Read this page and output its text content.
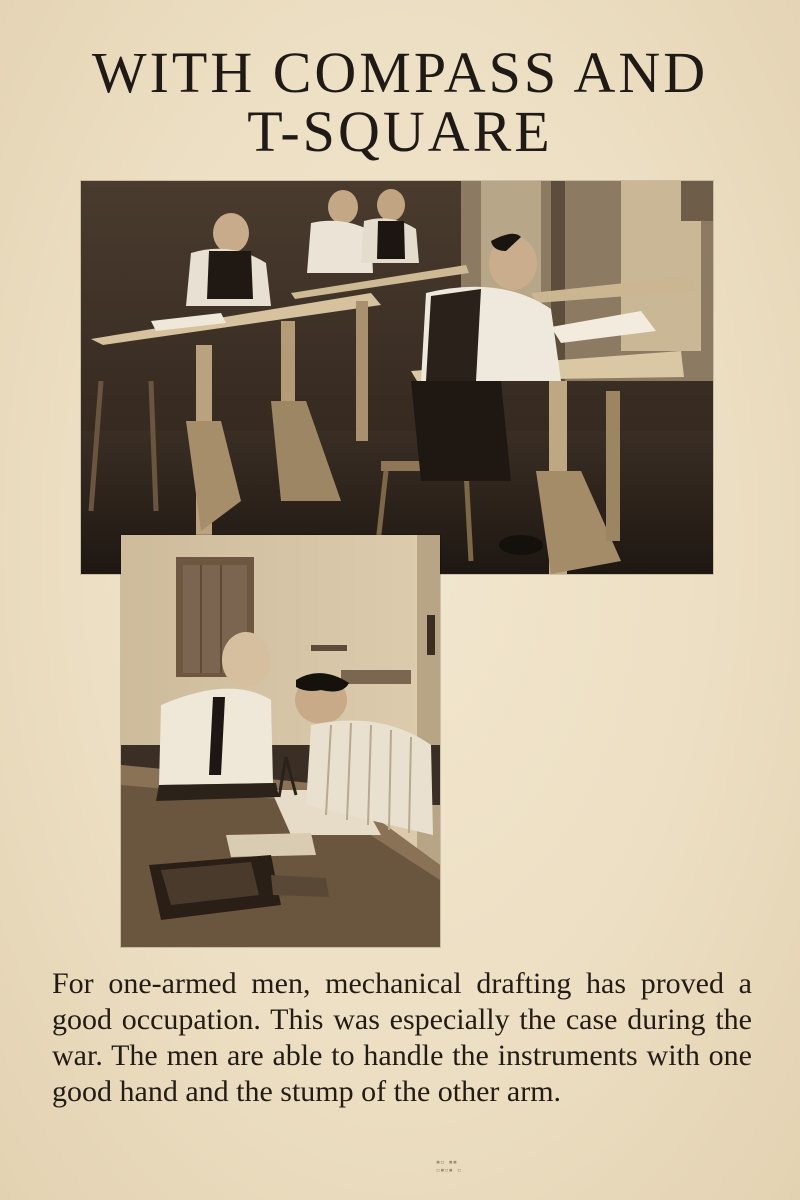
WITH COMPASS AND
T-SQUARE

For one-armed men, mechanical drafting has proved a good occupation. This was especially the case during the war. The men are able to handle the instruments with one good hand and the stump of the other arm.

▪▫ ▪▪
▫▪▫▪ ▫
